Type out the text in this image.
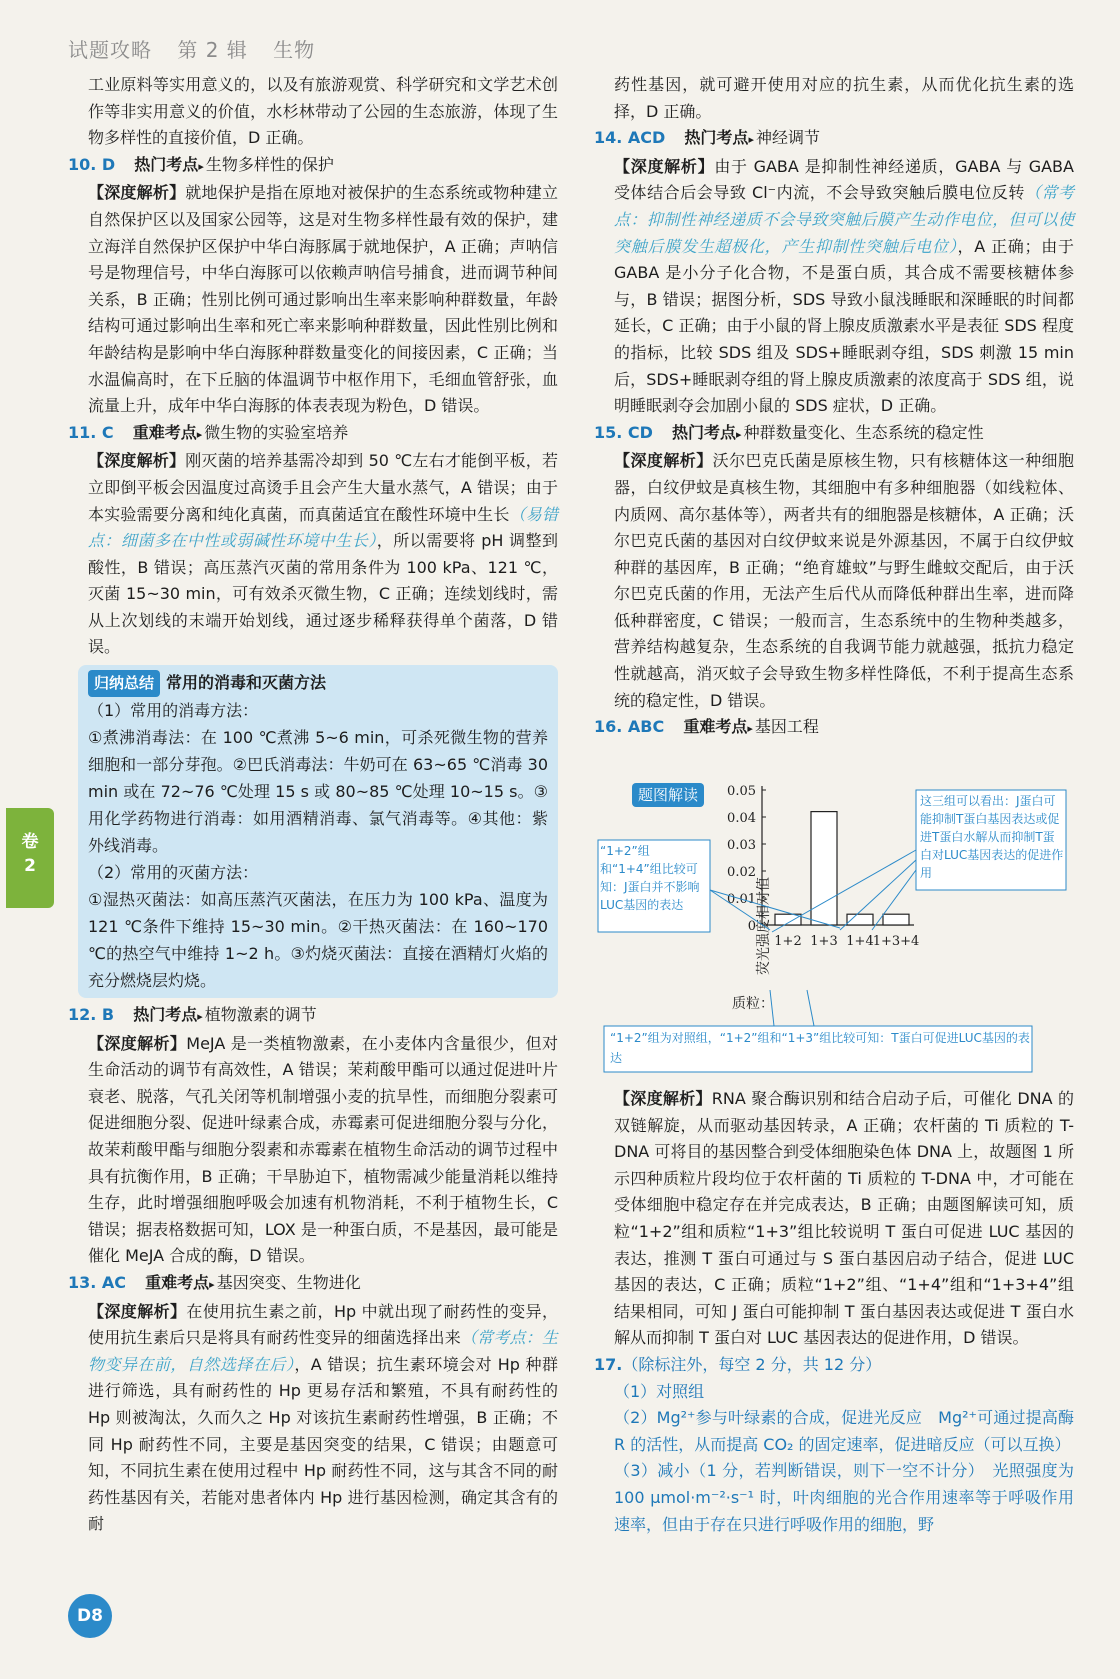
试题攻略 第 2 辑 生物
卷
2

工业原料等实用意义的，以及有旅游观赏、科学研究和文学艺术创作等非实用意义的价值，水杉林带动了公园的生态旅游，体现了生物多样性的直接价值，D 正确。

10. D 热门考点▸ 生物多样性的保护

【深度解析】就地保护是指在原地对被保护的生态系统或物种建立自然保护区以及国家公园等，这是对生物多样性最有效的保护，建立海洋自然保护区保护中华白海豚属于就地保护，A 正确；声呐信号是物理信号，中华白海豚可以依赖声呐信号捕食，进而调节种间关系，B 正确；性别比例可通过影响出生率来影响种群数量，年龄结构可通过影响出生率和死亡率来影响种群数量，因此性别比例和年龄结构是影响中华白海豚种群数量变化的间接因素，C 正确；当水温偏高时，在下丘脑的体温调节中枢作用下，毛细血管舒张，血流量上升，成年中华白海豚的体表表现为粉色，D 错误。

11. C 重难考点▸ 微生物的实验室培养

【深度解析】刚灭菌的培养基需冷却到 50 ℃左右才能倒平板，若立即倒平板会因温度过高烫手且会产生大量水蒸气，A 错误；由于本实验需要分离和纯化真菌，而真菌适宜在酸性环境中生长（易错点：细菌多在中性或弱碱性环境中生长），所以需要将 pH 调整到酸性，B 错误；高压蒸汽灭菌的常用条件为 100 kPa、121 ℃，灭菌 15~30 min，可有效杀灭微生物，C 正确；连续划线时，需从上次划线的末端开始划线，通过逐步稀释获得单个菌落，D 错误。

归纳总结 常用的消毒和灭菌方法

（1）常用的消毒方法：

①煮沸消毒法：在 100 ℃煮沸 5~6 min，可杀死微生物的营养细胞和一部分芽孢。②巴氏消毒法：牛奶可在 63~65 ℃消毒 30 min 或在 72~76 ℃处理 15 s 或 80~85 ℃处理 10~15 s。③用化学药物进行消毒：如用酒精消毒、氯气消毒等。④其他：紫外线消毒。

（2）常用的灭菌方法：

①湿热灭菌法：如高压蒸汽灭菌法，在压力为 100 kPa、温度为 121 ℃条件下维持 15~30 min。②干热灭菌法：在 160~170 ℃的热空气中维持 1~2 h。③灼烧灭菌法：直接在酒精灯火焰的充分燃烧层灼烧。

12. B 热门考点▸ 植物激素的调节

【深度解析】MeJA 是一类植物激素，在小麦体内含量很少，但对生命活动的调节有高效性，A 错误；茉莉酸甲酯可以通过促进叶片衰老、脱落，气孔关闭等机制增强小麦的抗旱性，而细胞分裂素可促进细胞分裂、促进叶绿素合成，赤霉素可促进细胞分裂与分化，故茉莉酸甲酯与细胞分裂素和赤霉素在植物生命活动的调节过程中具有抗衡作用，B 正确；干旱胁迫下，植物需减少能量消耗以维持生存，此时增强细胞呼吸会加速有机物消耗，不利于植物生长，C 错误；据表格数据可知，LOX 是一种蛋白质，不是基因，最可能是催化 MeJA 合成的酶，D 错误。

13. AC 重难考点▸ 基因突变、生物进化

【深度解析】在使用抗生素之前，Hp 中就出现了耐药性的变异，使用抗生素后只是将具有耐药性变异的细菌选择出来（常考点：生物变异在前，自然选择在后），A 错误；抗生素环境会对 Hp 种群进行筛选，具有耐药性的 Hp 更易存活和繁殖，不具有耐药性的 Hp 则被淘汰，久而久之 Hp 对该抗生素耐药性增强，B 正确；不同 Hp 耐药性不同，主要是基因突变的结果，C 错误；由题意可知，不同抗生素在使用过程中 Hp 耐药性不同，这与其含不同的耐药性基因有关，若能对患者体内 Hp 进行基因检测，确定其含有的耐

药性基因，就可避开使用对应的抗生素，从而优化抗生素的选择，D 正确。

14. ACD 热门考点▸ 神经调节

【深度解析】由于 GABA 是抑制性神经递质，GABA 与 GABA 受体结合后会导致 Cl⁻内流，不会导致突触后膜电位反转（常考点：抑制性神经递质不会导致突触后膜产生动作电位，但可以使突触后膜发生超极化，产生抑制性突触后电位），A 正确；由于 GABA 是小分子化合物，不是蛋白质，其合成不需要核糖体参与，B 错误；据图分析，SDS 导致小鼠浅睡眠和深睡眠的时间都延长，C 正确；由于小鼠的肾上腺皮质激素水平是表征 SDS 程度的指标，比较 SDS 组及 SDS+睡眠剥夺组，SDS 刺激 15 min 后，SDS+睡眠剥夺组的肾上腺皮质激素的浓度高于 SDS 组，说明睡眠剥夺会加剧小鼠的 SDS 症状，D 正确。

15. CD 热门考点▸ 种群数量变化、生态系统的稳定性

【深度解析】沃尔巴克氏菌是原核生物，只有核糖体这一种细胞器，白纹伊蚊是真核生物，其细胞中有多种细胞器（如线粒体、内质网、高尔基体等），两者共有的细胞器是核糖体，A 正确；沃尔巴克氏菌的基因对白纹伊蚊来说是外源基因，不属于白纹伊蚊种群的基因库，B 正确；“绝育雄蚊”与野生雌蚊交配后，由于沃尔巴克氏菌的作用，无法产生后代从而降低种群出生率，进而降低种群密度，C 错误；一般而言，生态系统中的生物种类越多，营养结构越复杂，生态系统的自我调节能力就越强，抵抗力稳定性就越高，消灭蚊子会导致生物多样性降低，不利于提高生态系统的稳定性，D 错误。

16. ABC 重难考点▸ 基因工程

题图解读
荧光强度相对值
0
0.01
0.02
0.03
0.04
0.05
1+2 1+3 1+4
1+3+4
质粒：
“1+2”组和“1+4”组比较可知：J蛋白并不影响LUC基因的表达
这三组可以看出：J蛋白可能抑制T蛋白基因表达或促进T蛋白水解从而抑制T蛋白对LUC基因表达的促进作用
“1+2”组为对照组，“1+2”组和“1+3”组比较可知：T蛋白可促进LUC基因的表达

【深度解析】RNA 聚合酶识别和结合启动子后，可催化 DNA 的双链解旋，从而驱动基因转录，A 正确；农杆菌的 Ti 质粒的 T-DNA 可将目的基因整合到受体细胞染色体 DNA 上，故题图 1 所示四种质粒片段均位于农杆菌的 Ti 质粒的 T-DNA 中，才可能在受体细胞中稳定存在并完成表达，B 正确；由题图解读可知，质粒“1+2”组和质粒“1+3”组比较说明 T 蛋白可促进 LUC 基因的表达，推测 T 蛋白可通过与 S 蛋白基因启动子结合，促进 LUC 基因的表达，C 正确；质粒“1+2”组、“1+4”组和“1+3+4”组结果相同，可知 J 蛋白可能抑制 T 蛋白基因表达或促进 T 蛋白水解从而抑制 T 蛋白对 LUC 基因表达的促进作用，D 错误。

17.（除标注外，每空 2 分，共 12 分）

（1）对照组

（2）Mg²⁺参与叶绿素的合成，促进光反应　Mg²⁺可通过提高酶 R 的活性，从而提高 CO₂ 的固定速率，促进暗反应（可以互换）

（3）减小（1 分，若判断错误，则下一空不计分）　光照强度为 100 μmol·m⁻²·s⁻¹ 时，叶肉细胞的光合作用速率等于呼吸作用速率，但由于存在只进行呼吸作用的细胞，野

D8
